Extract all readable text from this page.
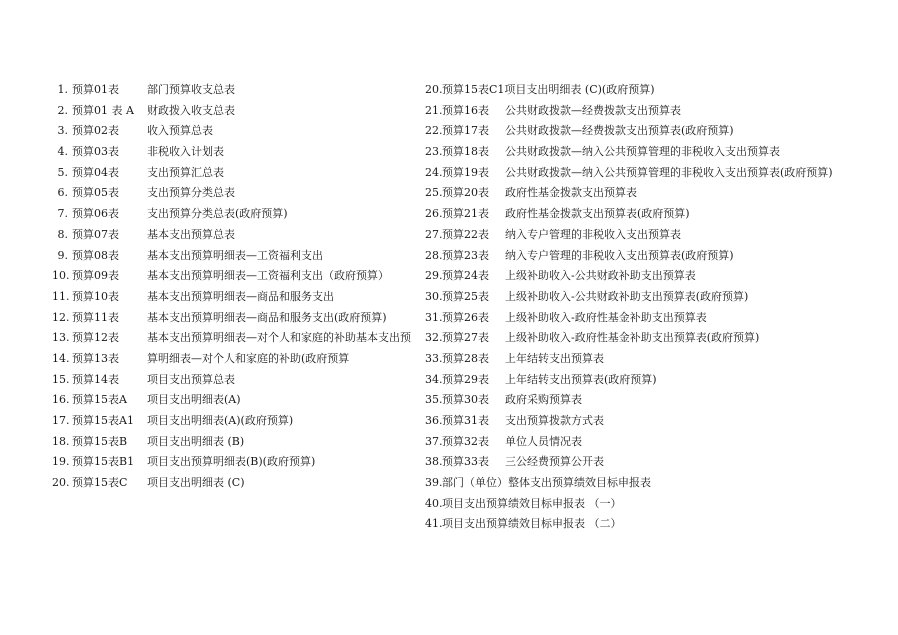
1. 预算01表	部门预算收支总表
2. 预算01 表 A 财政拨入收支总表
3. 预算02表	收入预算总表
4. 预算03表	非税收入计划表
5. 预算04表	支出预算汇总表
6. 预算05表	支出预算分类总表
7. 预算06表	支出预算分类总表(政府预算)
8. 预算07表	基本支出预算总表
9. 预算08表	基本支出预算明细表—工资福利支出
10. 预算09表	基本支出预算明细表—工资福利支出（政府预算）
11. 预算10表	基本支出预算明细表—商品和服务支出
12. 预算11表	基本支出预算明细表—商品和服务支出(政府预算)
13. 预算12表	基本支出预算明细表—对个人和家庭的补助基本支出预
14. 预算13表	算明细表—对个人和家庭的补助(政府预算
15. 预算14表	项目支出预算总表
16. 预算15表A 项目支出明细表(A)
17. 预算15表A1 项目支出明细表(A)(政府预算)
18. 预算15表B 项目支出明细表 (B)
19. 预算15表B1 项目支出预算明细表(B)(政府预算)
20. 预算15表C 项目支出明细表 (C)
20. 预算15表C1项目支出明细表 (C)(政府预算)
21. 预算16表 公共财政拨款—经费拨款支出预算表
22. 预算17表 公共财政拨款—经费拨款支出预算表(政府预算)
23. 预算18表 公共财政拨款—纳入公共预算管理的非税收入支出预算表
24. 预算19表 公共财政拨款—纳入公共预算管理的非税收入支出预算表(政府预算)
25. 预算20表 政府性基金拨款支出预算表
26. 预算21表 政府性基金拨款支出预算表(政府预算)
27. 预算22表 纳入专户管理的非税收入支出预算表
28. 预算23表 纳入专户管理的非税收入支出预算表(政府预算)
29. 预算24表 上级补助收入-公共财政补助支出预算表
30. 预算25表 上级补助收入-公共财政补助支出预算表(政府预算)
31. 预算26表 上级补助收入-政府性基金补助支出预算表
32. 预算27表 上级补助收入-政府性基金补助支出预算表(政府预算)
33. 预算28表 上年结转支出预算表
34. 预算29表 上年结转支出预算表(政府预算)
35. 预算30表 政府采购预算表
36. 预算31表 支出预算拨款方式表
37. 预算32表 单位人员情况表
38. 预算33表 三公经费预算公开表
39. 部门（单位）整体支出预算绩效目标申报表
40. 项目支出预算绩效目标申报表 （一）
41. 项目支出预算绩效目标申报表 （二）
